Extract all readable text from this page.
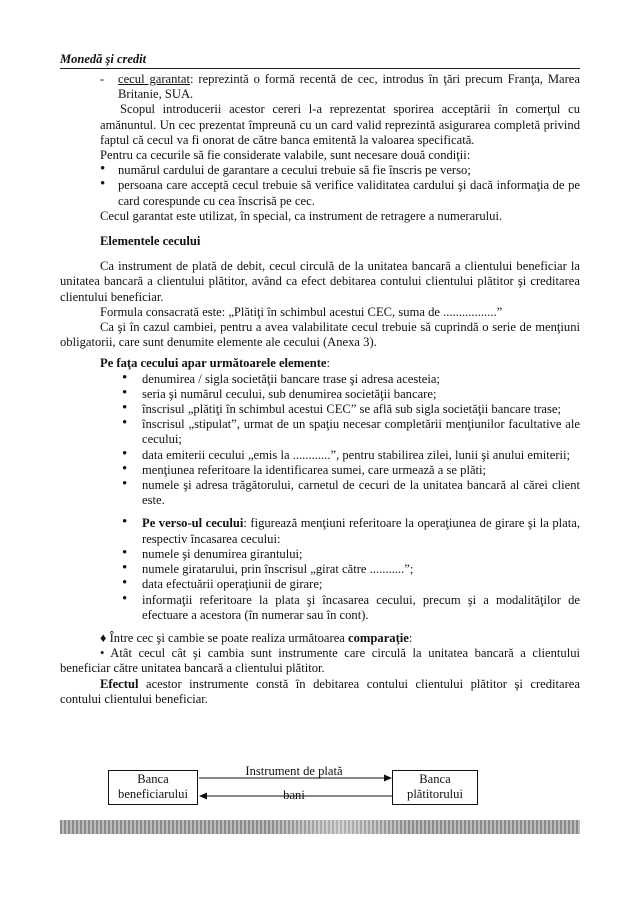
Monedă şi credit

- cecul garantat: reprezintă o formă recentă de cec, introdus în ţări precum Franţa, Marea Britanie, SUA.

Scopul introducerii acestor cereri l-a reprezentat sporirea acceptării în comerţul cu amănuntul. Un cec prezentat împreună cu un card valid reprezintă asigurarea completă privind faptul că cecul va fi onorat de către banca emitentă la valoarea specificată.

Pentru ca cecurile să fie considerate valabile, sunt necesare două condiţii:

• numărul cardului de garantare a cecului trebuie să fie înscris pe verso;
• persoana care acceptă cecul trebuie să verifice validitatea cardului şi dacă informaţia de pe card corespunde cu cea înscrisă pe cec.

Cecul garantat este utilizat, în special, ca instrument de retragere a numerarului.

Elementele cecului

Ca instrument de plată de debit, cecul circulă de la unitatea bancară a clientului beneficiar la unitatea bancară a clientului plătitor, având ca efect debitarea contului clientului plătitor şi creditarea clientului beneficiar.

Formula consacrată este: „Plătiţi în schimbul acestui CEC, suma de .................”

Ca şi în cazul cambiei, pentru a avea valabilitate cecul trebuie să cuprindă o serie de menţiuni obligatorii, care sunt denumite elemente ale cecului (Anexa 3).

Pe faţa cecului apar următoarele elemente:

• denumirea / sigla societăţii bancare trase şi adresa acesteia;
• seria şi numărul cecului, sub denumirea societăţii bancare;
• înscrisul „plătiţi în schimbul acestui CEC” se află sub sigla societăţii bancare trase;
• înscrisul „stipulat”, urmat de un spaţiu necesar completării menţiunilor facultative ale cecului;
• data emiterii cecului „emis la ............”, pentru stabilirea zilei, lunii şi anului emiterii;
• menţiunea referitoare la identificarea sumei, care urmează a se plăti;
• numele şi adresa trăgătorului, carnetul de cecuri de la unitatea bancară al cărei client este.
• Pe verso-ul cecului: figurează menţiuni referitoare la operaţiunea de girare şi la plata, respectiv încasarea cecului:
• numele şi denumirea girantului;
• numele giratarului, prin înscrisul „girat către ...........”;
• data efectuării operaţiunii de girare;
• informaţii referitoare la plata şi încasarea cecului, precum şi a modalităţilor de efectuare a acestora (în numerar sau în cont).

♦ Între cec şi cambie se poate realiza următoarea comparaţie:

• Atât cecul cât şi cambia sunt instrumente care circulă la unitatea bancară a clientului beneficiar către unitatea bancară a clientului plătitor.

Efectul acestor instrumente constă în debitarea contului clientului plătitor şi creditarea contului clientului beneficiar.

Banca
beneficiarului
Instrument de plată
bani
Banca
plătitorului
